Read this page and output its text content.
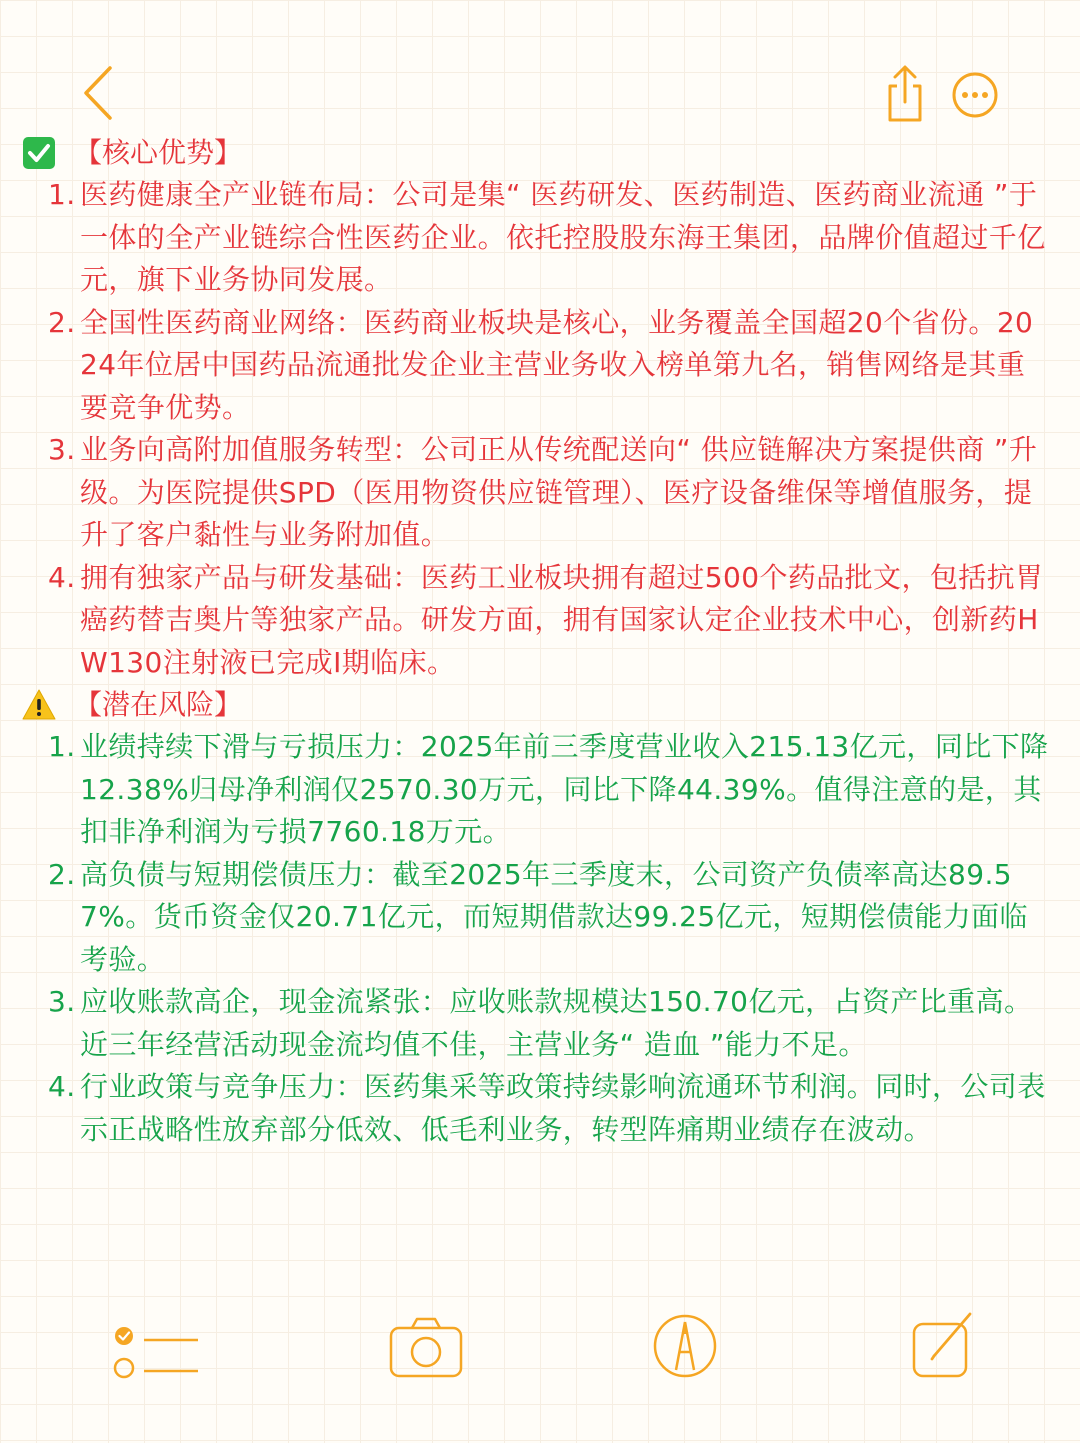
【核心优势】
1. 医药健康全产业链布局：公司是集“ 医药研发、医药制造、医药商业流通 ”于一体的全产业链综合性医药企业。依托控股股东海王集团，品牌价值超过千亿元，旗下业务协同发展。
2. 全国性医药商业网络：医药商业板块是核心，业务覆盖全国超20个省份。2024年位居中国药品流通批发企业主营业务收入榜单第九名，销售网络是其重要竞争优势。
3. 业务向高附加值服务转型：公司正从传统配送向“ 供应链解决方案提供商 ”升级。为医院提供SPD（医用物资供应链管理）、医疗设备维保等增值服务，提升了客户黏性与业务附加值。
4. 拥有独家产品与研发基础：医药工业板块拥有超过500个药品批文，包括抗胃癌药替吉奥片等独家产品。研发方面，拥有国家认定企业技术中心，创新药HW130注射液已完成I期临床。
【潜在风险】
1. 业绩持续下滑与亏损压力：2025年前三季度营业收入215.13亿元，同比下降12.38%归母净利润仅2570.30万元，同比下降44.39%。值得注意的是，其扣非净利润为亏损7760.18万元。
2. 高负债与短期偿债压力：截至2025年三季度末，公司资产负债率高达89.57%。货币资金仅20.71亿元，而短期借款达99.25亿元，短期偿债能力面临考验。
3. 应收账款高企，现金流紧张：应收账款规模达150.70亿元，占资产比重高。近三年经营活动现金流均值不佳，主营业务“ 造血 ”能力不足。
4. 行业政策与竞争压力：医药集采等政策持续影响流通环节利润。同时，公司表示正战略性放弃部分低效、低毛利业务，转型阵痛期业绩存在波动。
